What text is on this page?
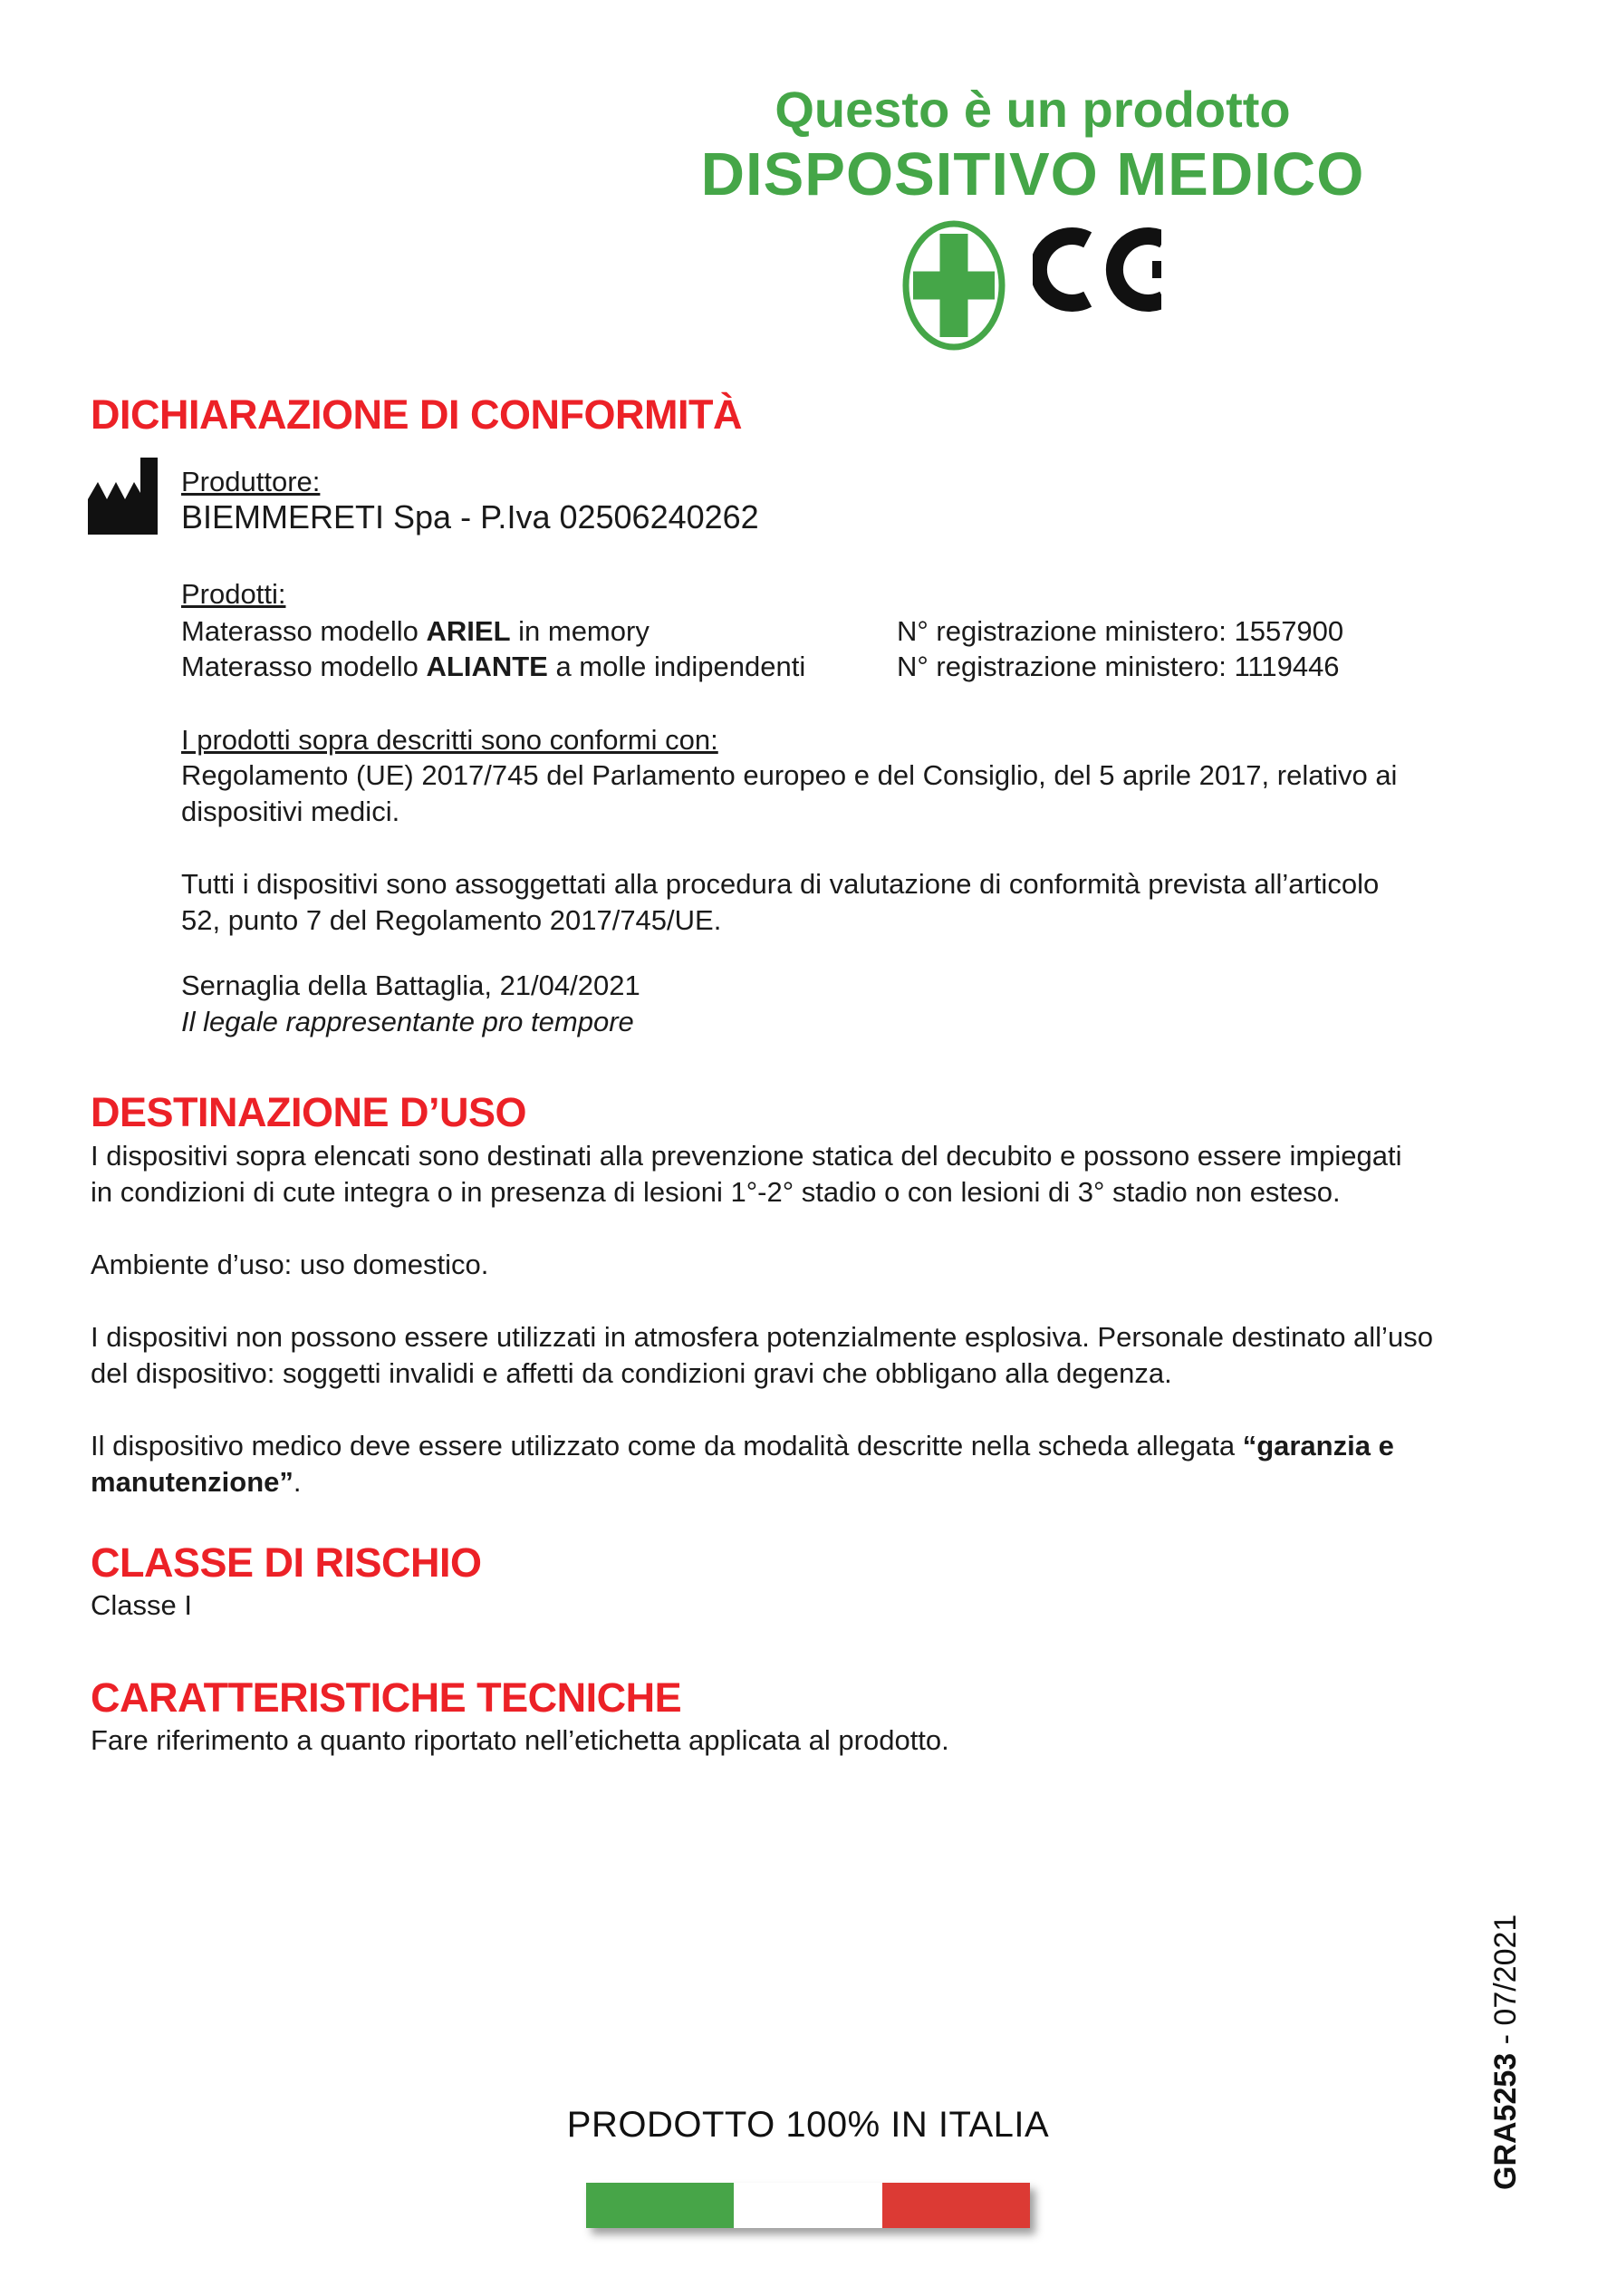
Questo è un prodotto
DISPOSITIVO MEDICO
DICHIARAZIONE DI CONFORMITÀ
Produttore:
BIEMMERETI Spa - P.Iva 02506240262
Prodotti:
Materasso modello ARIEL in memory	N° registrazione ministero: 1557900
Materasso modello ALIANTE a molle indipendenti	N° registrazione ministero: 1119446
I prodotti sopra descritti sono conformi con:
Regolamento (UE) 2017/745 del Parlamento europeo e del Consiglio, del 5 aprile 2017, relativo ai
dispositivi medici.
Tutti i dispositivi sono assoggettati alla procedura di valutazione di conformità prevista all’articolo
52, punto 7 del Regolamento 2017/745/UE.
Sernaglia della Battaglia, 21/04/2021
Il legale rappresentante pro tempore
DESTINAZIONE D’USO
I dispositivi sopra elencati sono destinati alla prevenzione statica del decubito e possono essere impiegati
in condizioni di cute integra o in presenza di lesioni 1°-2° stadio o con lesioni di 3° stadio non esteso.
Ambiente d’uso: uso domestico.
I dispositivi non possono essere utilizzati in atmosfera potenzialmente esplosiva. Personale destinato all’uso
del dispositivo: soggetti invalidi e affetti da condizioni gravi che obbligano alla degenza.
Il dispositivo medico deve essere utilizzato come da modalità descritte nella scheda allegata “garanzia e
manutenzione”.
CLASSE DI RISCHIO
Classe I
CARATTERISTICHE TECNICHE
Fare riferimento a quanto riportato nell’etichetta applicata al prodotto.
GRA5253 - 07/2021
PRODOTTO 100% IN ITALIA
